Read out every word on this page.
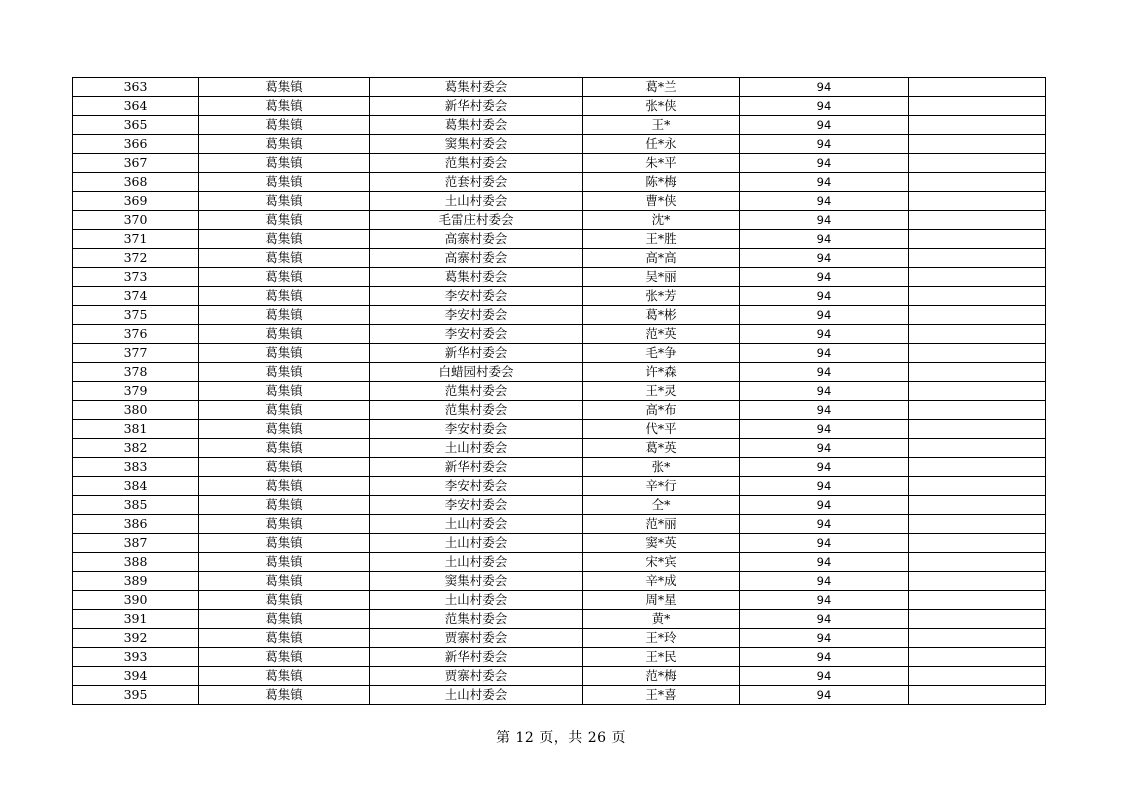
363	葛集镇	葛集村委会	葛*兰	94	
364	葛集镇	新华村委会	张*侠	94	
365	葛集镇	葛集村委会	王*	94	
366	葛集镇	窦集村委会	任*永	94	
367	葛集镇	范集村委会	朱*平	94	
368	葛集镇	范套村委会	陈*梅	94	
369	葛集镇	土山村委会	曹*侠	94	
370	葛集镇	毛雷庄村委会	沈*	94	
371	葛集镇	高寨村委会	王*胜	94	
372	葛集镇	高寨村委会	高*高	94	
373	葛集镇	葛集村委会	吴*丽	94	
374	葛集镇	李安村委会	张*芳	94	
375	葛集镇	李安村委会	葛*彬	94	
376	葛集镇	李安村委会	范*英	94	
377	葛集镇	新华村委会	毛*争	94	
378	葛集镇	白蜡园村委会	许*森	94	
379	葛集镇	范集村委会	王*灵	94	
380	葛集镇	范集村委会	高*布	94	
381	葛集镇	李安村委会	代*平	94	
382	葛集镇	土山村委会	葛*英	94	
383	葛集镇	新华村委会	张*	94	
384	葛集镇	李安村委会	辛*行	94	
385	葛集镇	李安村委会	仝*	94	
386	葛集镇	土山村委会	范*丽	94	
387	葛集镇	土山村委会	窦*英	94	
388	葛集镇	土山村委会	宋*宾	94	
389	葛集镇	窦集村委会	辛*成	94	
390	葛集镇	土山村委会	周*星	94	
391	葛集镇	范集村委会	黄*	94	
392	葛集镇	贾寨村委会	王*玲	94	
393	葛集镇	新华村委会	王*民	94	
394	葛集镇	贾寨村委会	范*梅	94	
395	葛集镇	土山村委会	王*喜	94	
第 12 页，共 26 页
